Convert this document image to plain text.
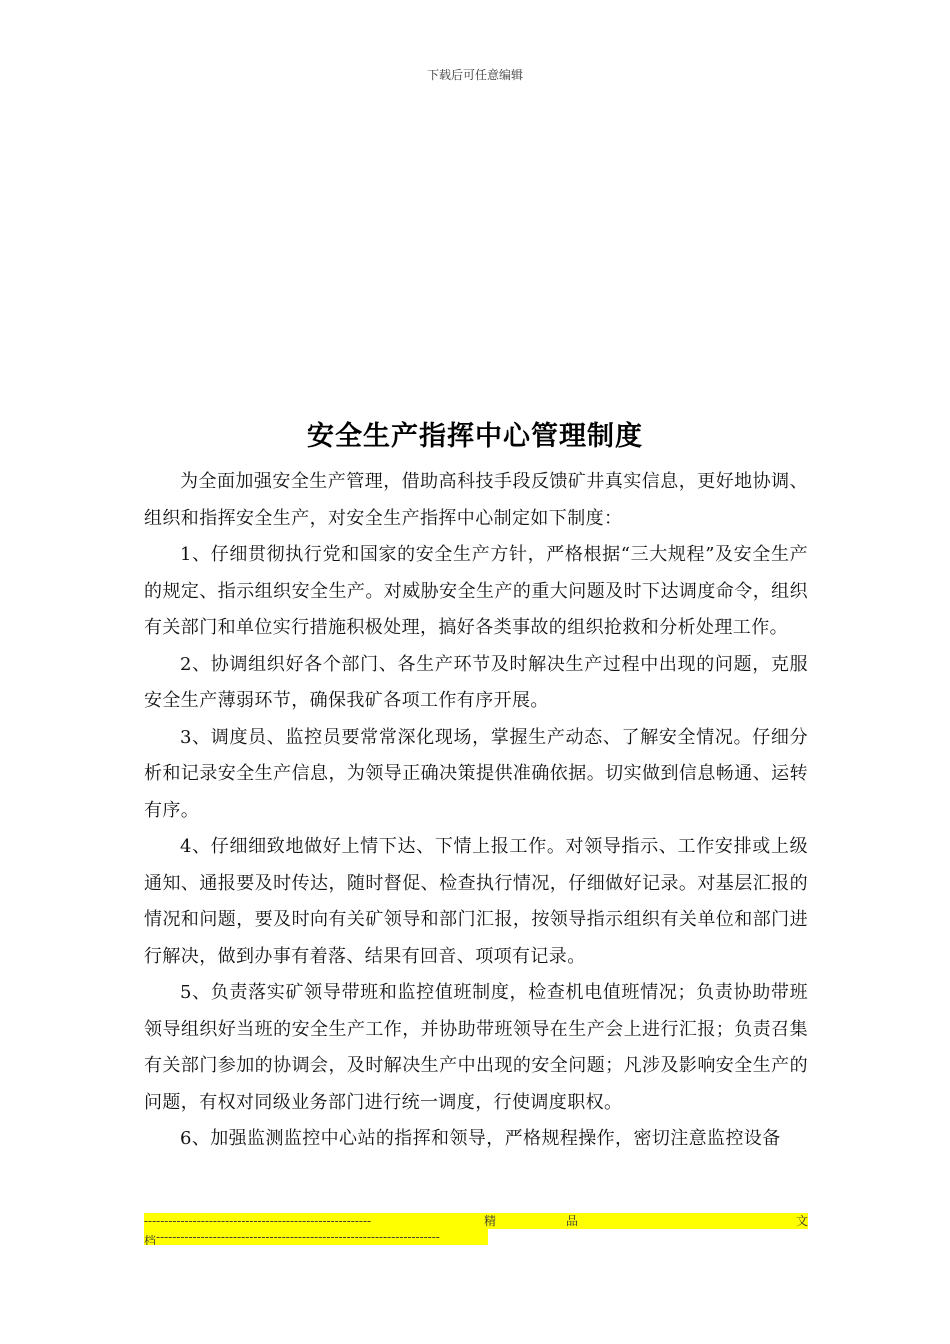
下载后可任意编辑
安全生产指挥中心管理制度

为全面加强安全生产管理，借助高科技手段反馈矿井真实信息，更好地协调、组织和指挥安全生产，对安全生产指挥中心制定如下制度：

1、仔细贯彻执行党和国家的安全生产方针，严格根据“三大规程”及安全生产的规定、指示组织安全生产。对威胁安全生产的重大问题及时下达调度命令，组织有关部门和单位实行措施积极处理，搞好各类事故的组织抢救和分析处理工作。

2、协调组织好各个部门、各生产环节及时解决生产过程中出现的问题，克服安全生产薄弱环节，确保我矿各项工作有序开展。

3、调度员、监控员要常常深化现场，掌握生产动态、了解安全情况。仔细分析和记录安全生产信息，为领导正确决策提供准确依据。切实做到信息畅通、运转有序。

4、仔细细致地做好上情下达、下情上报工作。对领导指示、工作安排或上级通知、通报要及时传达，随时督促、检查执行情况，仔细做好记录。对基层汇报的情况和问题，要及时向有关矿领导和部门汇报，按领导指示组织有关单位和部门进行解决，做到办事有着落、结果有回音、项项有记录。

5、负责落实矿领导带班和监控值班制度，检查机电值班情况；负责协助带班领导组织好当班的安全生产工作，并协助带班领导在生产会上进行汇报；负责召集有关部门参加的协调会，及时解决生产中出现的安全问题；凡涉及影响安全生产的问题，有权对同级业务部门进行统一调度，行使调度职权。

6、加强监测监控中心站的指挥和领导，严格规程操作，密切注意监控设备

--------------------------------------------------------	精	品	文
档----------------------------------------------------------------------
